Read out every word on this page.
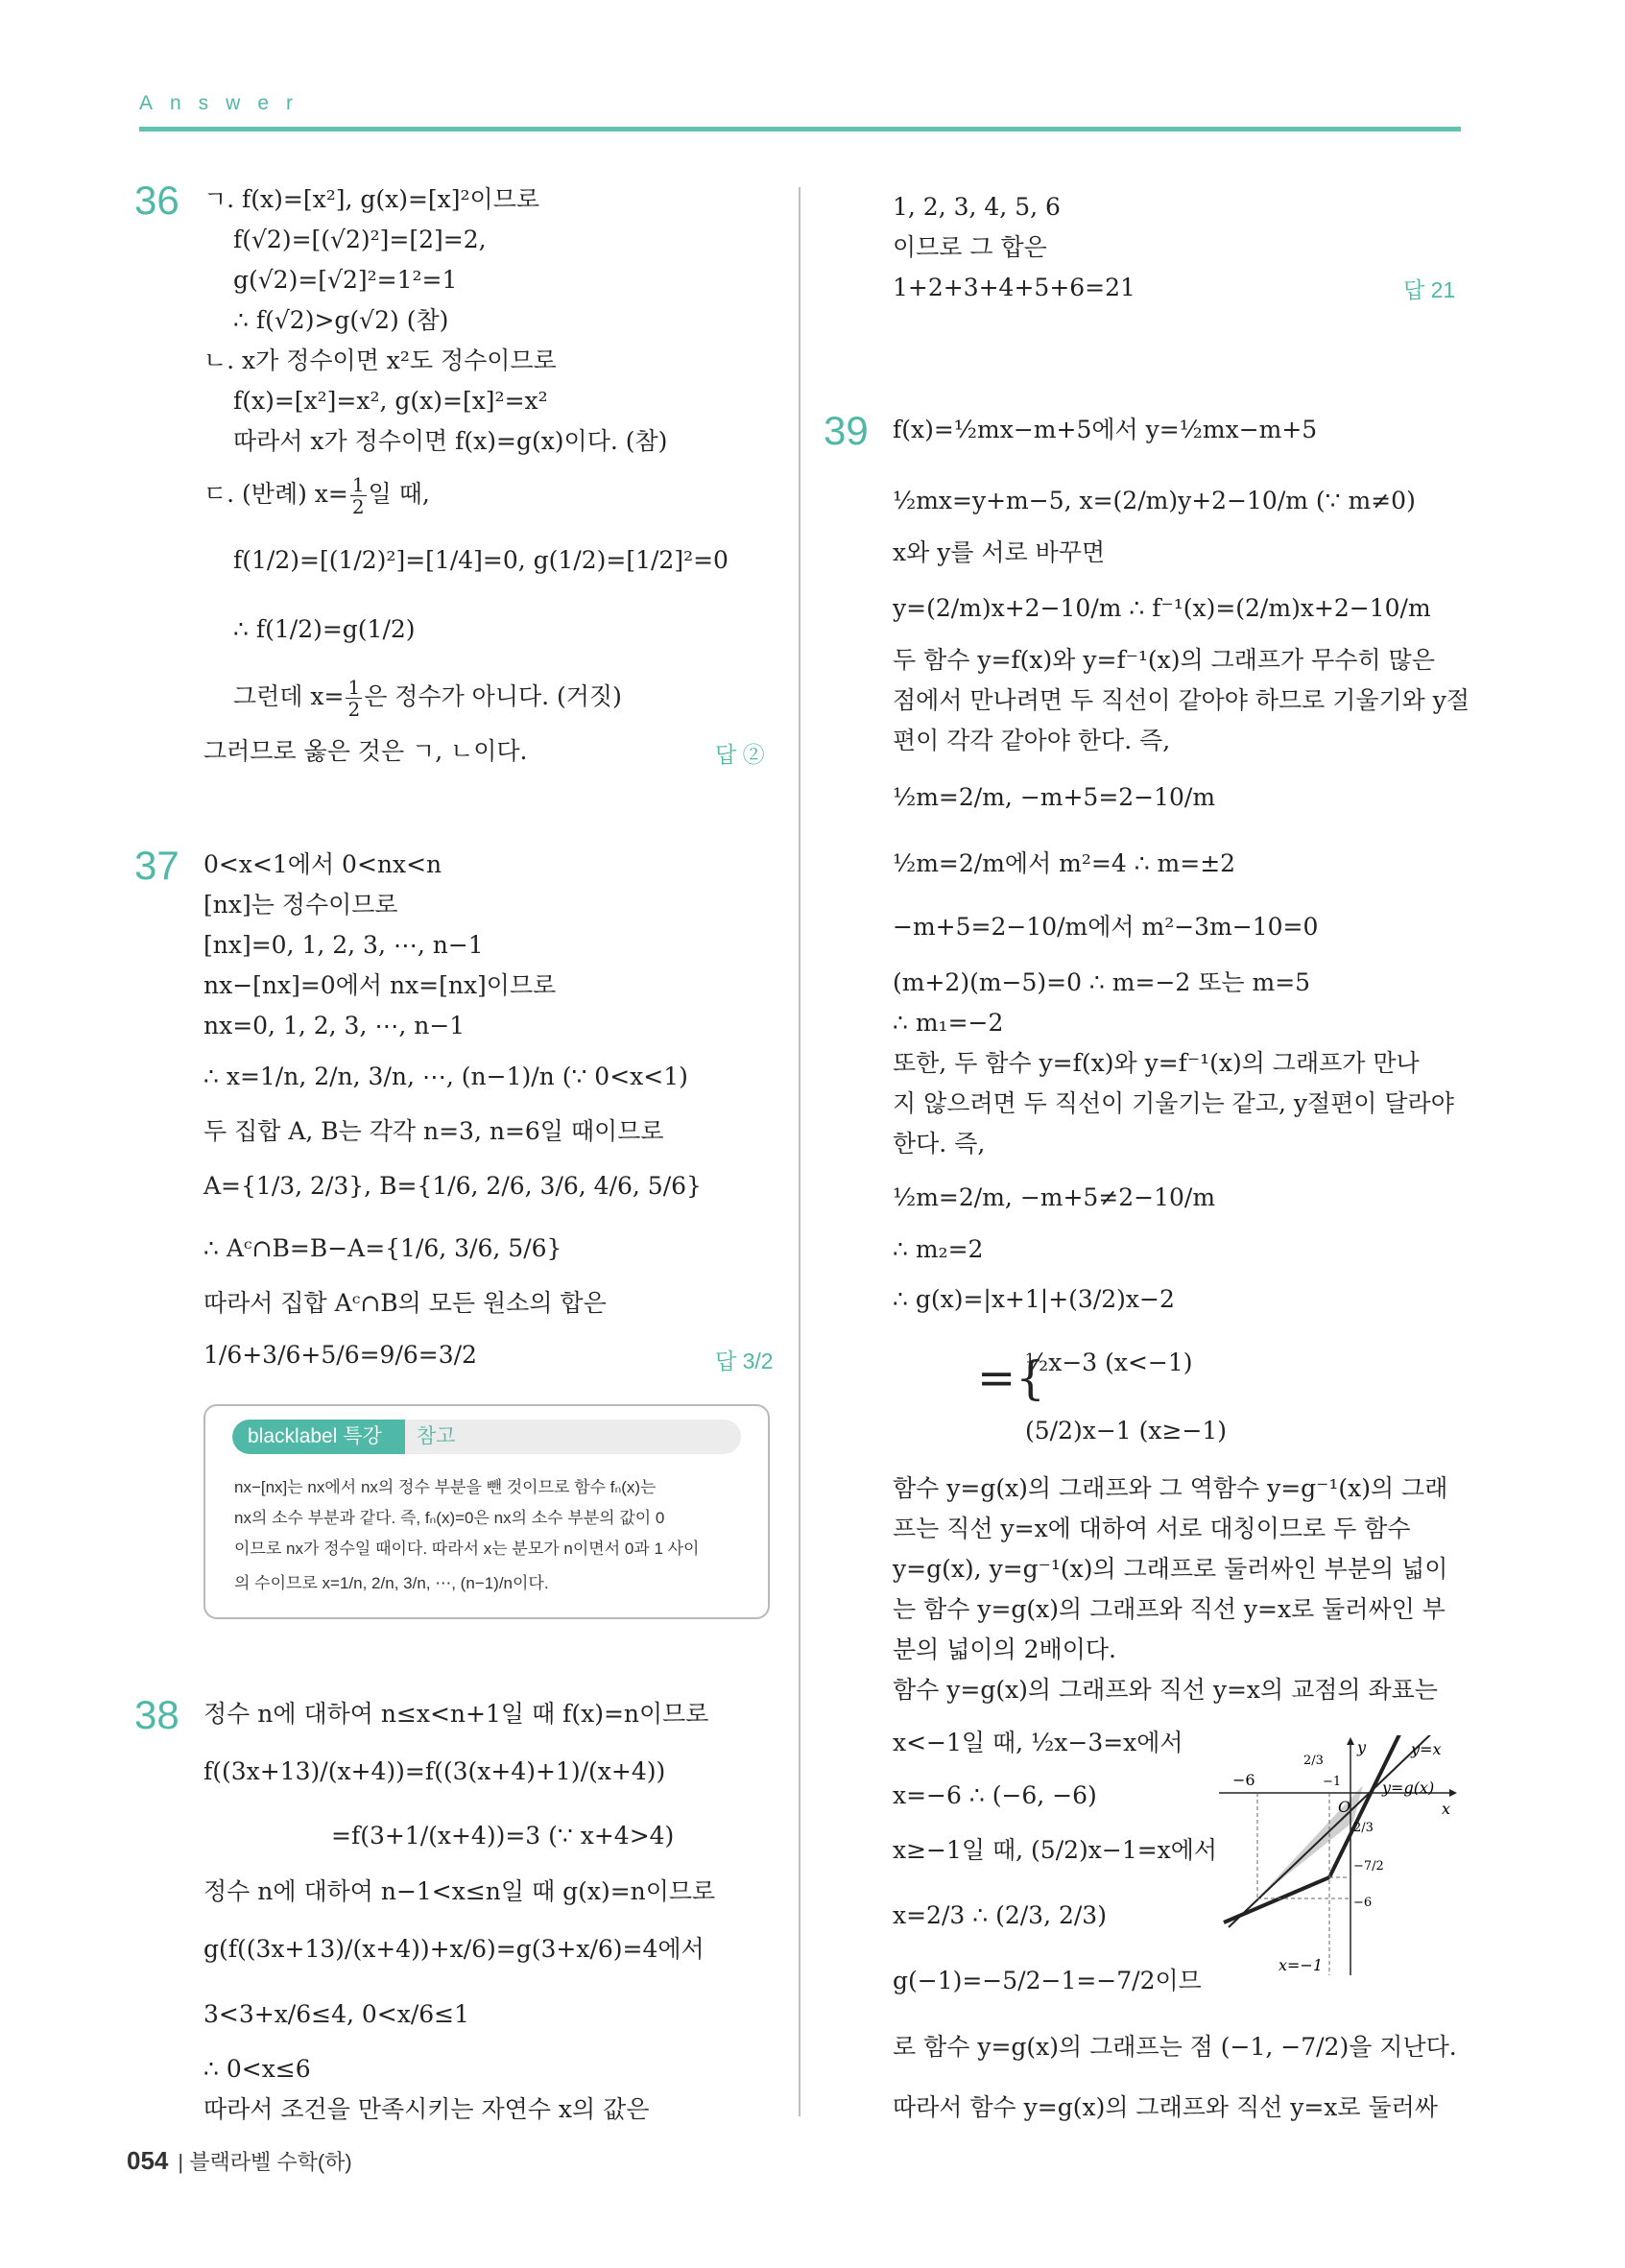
Answer
36 ㄱ. f(x)=[x²], g(x)=[x]²이므로
f(√2)=[(√2)²]=[2]=2,
g(√2)=[√2]²=1²=1
∴ f(√2)>g(√2) (참)
ㄴ. x가 정수이면 x²도 정수이므로
f(x)=[x²]=x², g(x)=[x]²=x²
따라서 x가 정수이면 f(x)=g(x)이다. (참)
ㄷ. (반례) $x= \frac{1}{2}$ 일 때,
f(1/2)=[(1/2)²]=[1/4]=0, g(1/2)=[1/2]²=0
∴ f(1/2)=g(1/2)
그런데 $x= \frac{1}{2}$ 은 정수가 아니다. (거짓)
그러므로 옳은 것은 ㄱ, ㄴ이다.	답 ②
37 0<x<1에서 0<nx<n
[nx]는 정수이므로
[nx]=0, 1, 2, 3, ⋯, n−1
nx−[nx]=0에서 nx=[nx]이므로
nx=0, 1, 2, 3, ⋯, n−1
∴ x=1/n, 2/n, 3/n, ⋯, (n−1)/n (∵ 0<x<1)
두 집합 A, B는 각각 n=3, n=6일 때이므로
A={1/3, 2/3}, B={1/6, 2/6, 3/6, 4/6, 5/6}
∴ Aᶜ∩B=B−A={1/6, 3/6, 5/6}
따라서 집합 Aᶜ∩B의 모든 원소의 합은
1/6+3/6+5/6=9/6=3/2	답 3/2
blacklabel 특강	참고
nx−[nx]는 nx에서 nx의 정수 부분을 뺀 것이므로 함수 fₙ(x)는
nx의 소수 부분과 같다. 즉, fₙ(x)=0은 nx의 소수 부분의 값이 0
이므로 nx가 정수일 때이다. 따라서 x는 분모가 n이면서 0과 1 사이
의 수이므로 x=1/n, 2/n, 3/n, ⋯, (n−1)/n이다.
38 정수 n에 대하여 n≤x<n+1일 때 f(x)=n이므로
f((3x+13)/(x+4))=f((3(x+4)+1)/(x+4))
=f(3+1/(x+4))=3 (∵ x+4>4)
정수 n에 대하여 n−1<x≤n일 때 g(x)=n이므로
g(f((3x+13)/(x+4))+x/6)=g(3+x/6)=4에서
3<3+x/6≤4, 0<x/6≤1
∴ 0<x≤6
따라서 조건을 만족시키는 자연수 x의 값은
1, 2, 3, 4, 5, 6
이므로 그 합은
1+2+3+4+5+6=21	답 21
39 f(x)=½mx−m+5에서 y=½mx−m+5
½mx=y+m−5, x=(2/m)y+2−10/m (∵ m≠0)
x와 y를 서로 바꾸면
y=(2/m)x+2−10/m ∴ f⁻¹(x)=(2/m)x+2−10/m
두 함수 y=f(x)와 y=f⁻¹(x)의 그래프가 무수히 많은
점에서 만나려면 두 직선이 같아야 하므로 기울기와 y절
편이 각각 같아야 한다. 즉,
½m=2/m, −m+5=2−10/m
½m=2/m에서 m²=4 ∴ m=±2
−m+5=2−10/m에서 m²−3m−10=0
(m+2)(m−5)=0 ∴ m=−2 또는 m=5
∴ m₁=−2
또한, 두 함수 y=f(x)와 y=f⁻¹(x)의 그래프가 만나
지 않으려면 두 직선이 기울기는 같고, y절편이 달라야
한다. 즉,
½m=2/m, −m+5≠2−10/m
∴ m₂=2
∴ g(x)=|x+1|+(3/2)x−2
={
½x−3 (x<−1)
(5/2)x−1 (x≥−1)
함수 y=g(x)의 그래프와 그 역함수 y=g⁻¹(x)의 그래
프는 직선 y=x에 대하여 서로 대칭이므로 두 함수
y=g(x), y=g⁻¹(x)의 그래프로 둘러싸인 부분의 넓이
는 함수 y=g(x)의 그래프와 직선 y=x로 둘러싸인 부
분의 넓이의 2배이다.
함수 y=g(x)의 그래프와 직선 y=x의 교점의 좌표는
x<−1일 때, ½x−3=x에서
x=−6 ∴ (−6, −6)
x≥−1일 때, (5/2)x−1=x에서
x=2/3 ∴ (2/3, 2/3)
g(−1)=−5/2−1=−7/2이므
로 함수 y=g(x)의 그래프는 점 (−1, −7/2)을 지난다.
따라서 함수 y=g(x)의 그래프와 직선 y=x로 둘러싸
y
x
O
y=x
y=g(x)
−6
x=−1
2/3
−1
2/3
−7/2
−6
054 | 블랙라벨 수학(하)
